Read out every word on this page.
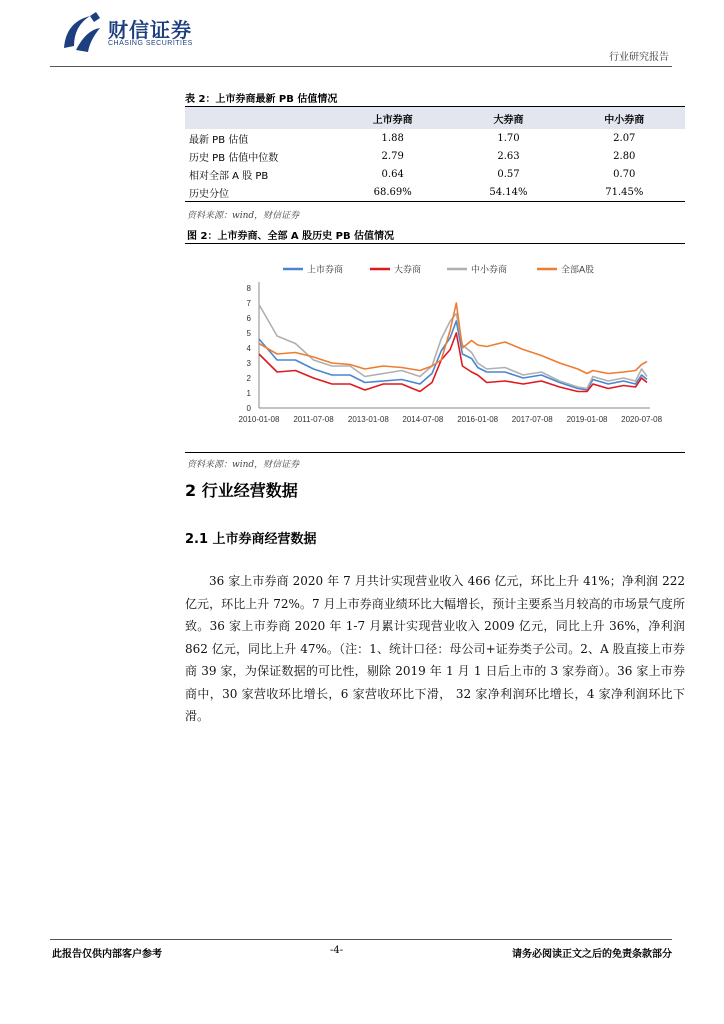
财信证券
CHASING SECURITIES
行业研究报告
表 2：上市券商最新 PB 估值情况
	上市券商	大券商	中小券商
最新 PB 估值	1.88	1.70	2.07
历史 PB 估值中位数	2.79	2.63	2.80
相对全部 A 股 PB	0.64	0.57	0.70
历史分位	68.69%	54.14%	71.45%
资料来源：wind，财信证券
图 2：上市券商、全部 A 股历史 PB 估值情况
0
1
2
3
4
5
6
7
8
2010-01-08 2011-07-08 2013-01-08 2014-07-08 2016-01-08 2017-07-08 2019-01-08 2020-07-08
上市券商	大券商	中小券商	全部A股
资料来源：wind，财信证券
2 行业经营数据
2.1 上市券商经营数据
36 家上市券商 2020 年 7 月共计实现营业收入 466 亿元，环比上升 41%；净利润 222 亿元，环比上升 72%。7 月上市券商业绩环比大幅增长，预计主要系当月较高的市场景气度所致。36 家上市券商 2020 年 1-7 月累计实现营业收入 2009 亿元，同比上升 36%，净利润 862 亿元，同比上升 47%。（注：1、统计口径：母公司+证券类子公司。2、A 股直接上市券商 39 家，为保证数据的可比性，剔除 2019 年 1 月 1 日后上市的 3 家券商）。36 家上市券商中，30 家营收环比增长，6 家营收环比下滑， 32 家净利润环比增长，4 家净利润环比下滑。
此报告仅供内部客户参考	-4-	请务必阅读正文之后的免责条款部分
